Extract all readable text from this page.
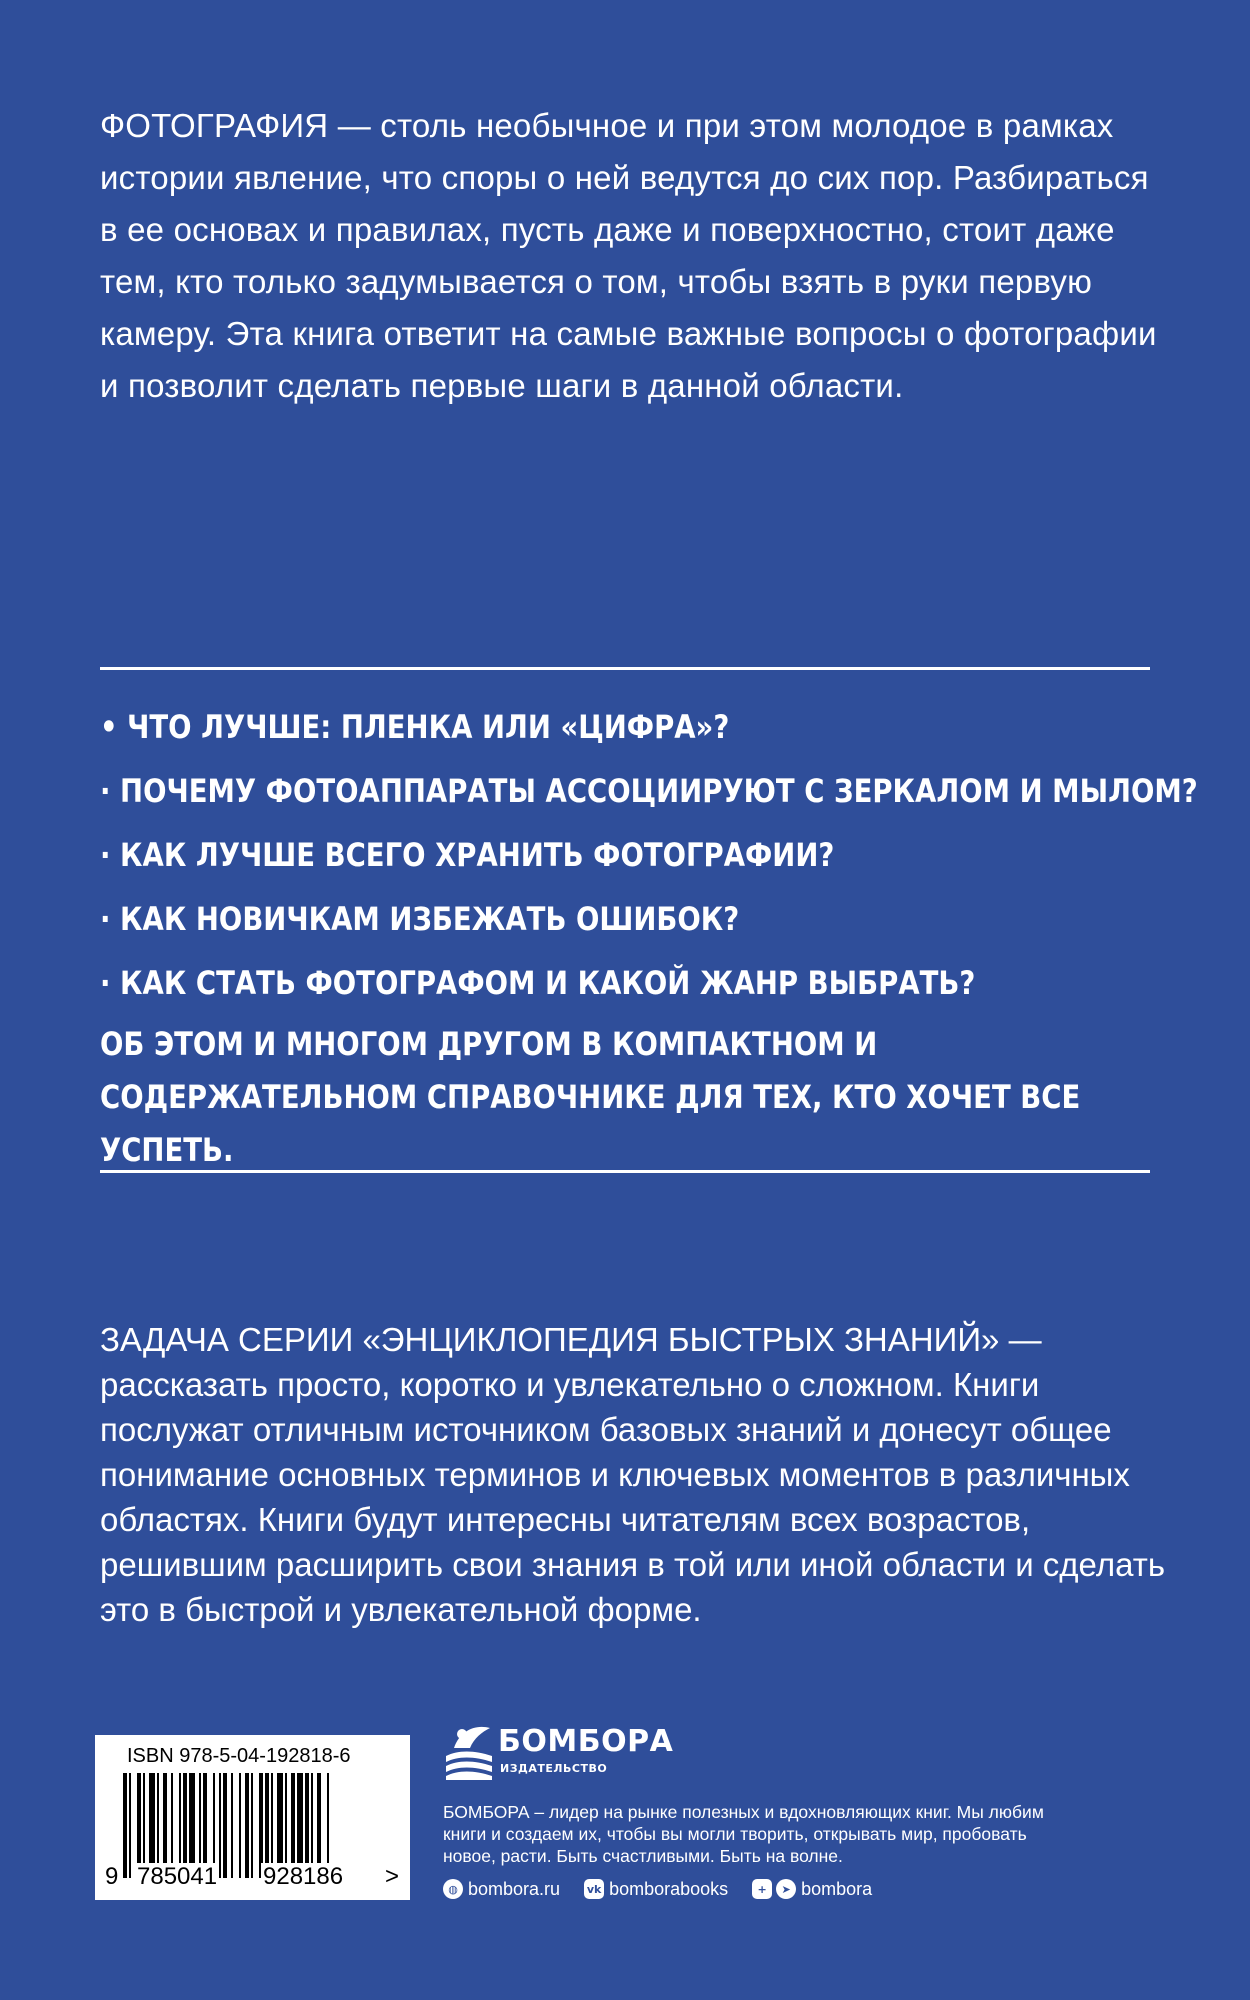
ФОТОГРАФИЯ — столь необычное и при этом молодое в рамках истории явление, что споры о ней ведутся до сих пор. Разбираться в ее основах и правилах, пусть даже и поверхностно, стоит даже тем, кто только задумывается о том, чтобы взять в руки первую камеру. Эта книга ответит на самые важные вопросы о фотографии и позволит сделать первые шаги в данной области.
• ЧТО ЛУЧШЕ: ПЛЕНКА ИЛИ «ЦИФРА»?
· ПОЧЕМУ ФОТОАППАРАТЫ АССОЦИИРУЮТ С ЗЕРКАЛОМ И МЫЛОМ?
· КАК ЛУЧШЕ ВСЕГО ХРАНИТЬ ФОТОГРАФИИ?
· КАК НОВИЧКАМ ИЗБЕЖАТЬ ОШИБОК?
· КАК СТАТЬ ФОТОГРАФОМ И КАКОЙ ЖАНР ВЫБРАТЬ?
ОБ ЭТОМ И МНОГОМ ДРУГОМ В КОМПАКТНОМ И СОДЕРЖАТЕЛЬНОМ СПРАВОЧНИКЕ ДЛЯ ТЕХ, КТО ХОЧЕТ ВСЕ УСПЕТЬ.
ЗАДАЧА СЕРИИ «ЭНЦИКЛОПЕДИЯ БЫСТРЫХ ЗНАНИЙ» — рассказать просто, коротко и увлекательно о сложном. Книги послужат отличным источником базовых знаний и донесут общее понимание основных терминов и ключевых моментов в различных областях. Книги будут интересны читателям всех возрастов, решившим расширить свои знания в той или иной области и сделать это в быстрой и увлекательной форме.
ISBN 978-5-04-192818-6
9 785041 928186 >
БОМБОРА
ИЗДАТЕЛЬСТВО
БОМБОРА – лидер на рынке полезных и вдохновляющих книг. Мы любим книги и создаем их, чтобы вы могли творить, открывать мир, пробовать новое, расти. Быть счастливыми. Быть на волне.
◍ bombora.ru vk bomborabooks	+	➤ bombora
